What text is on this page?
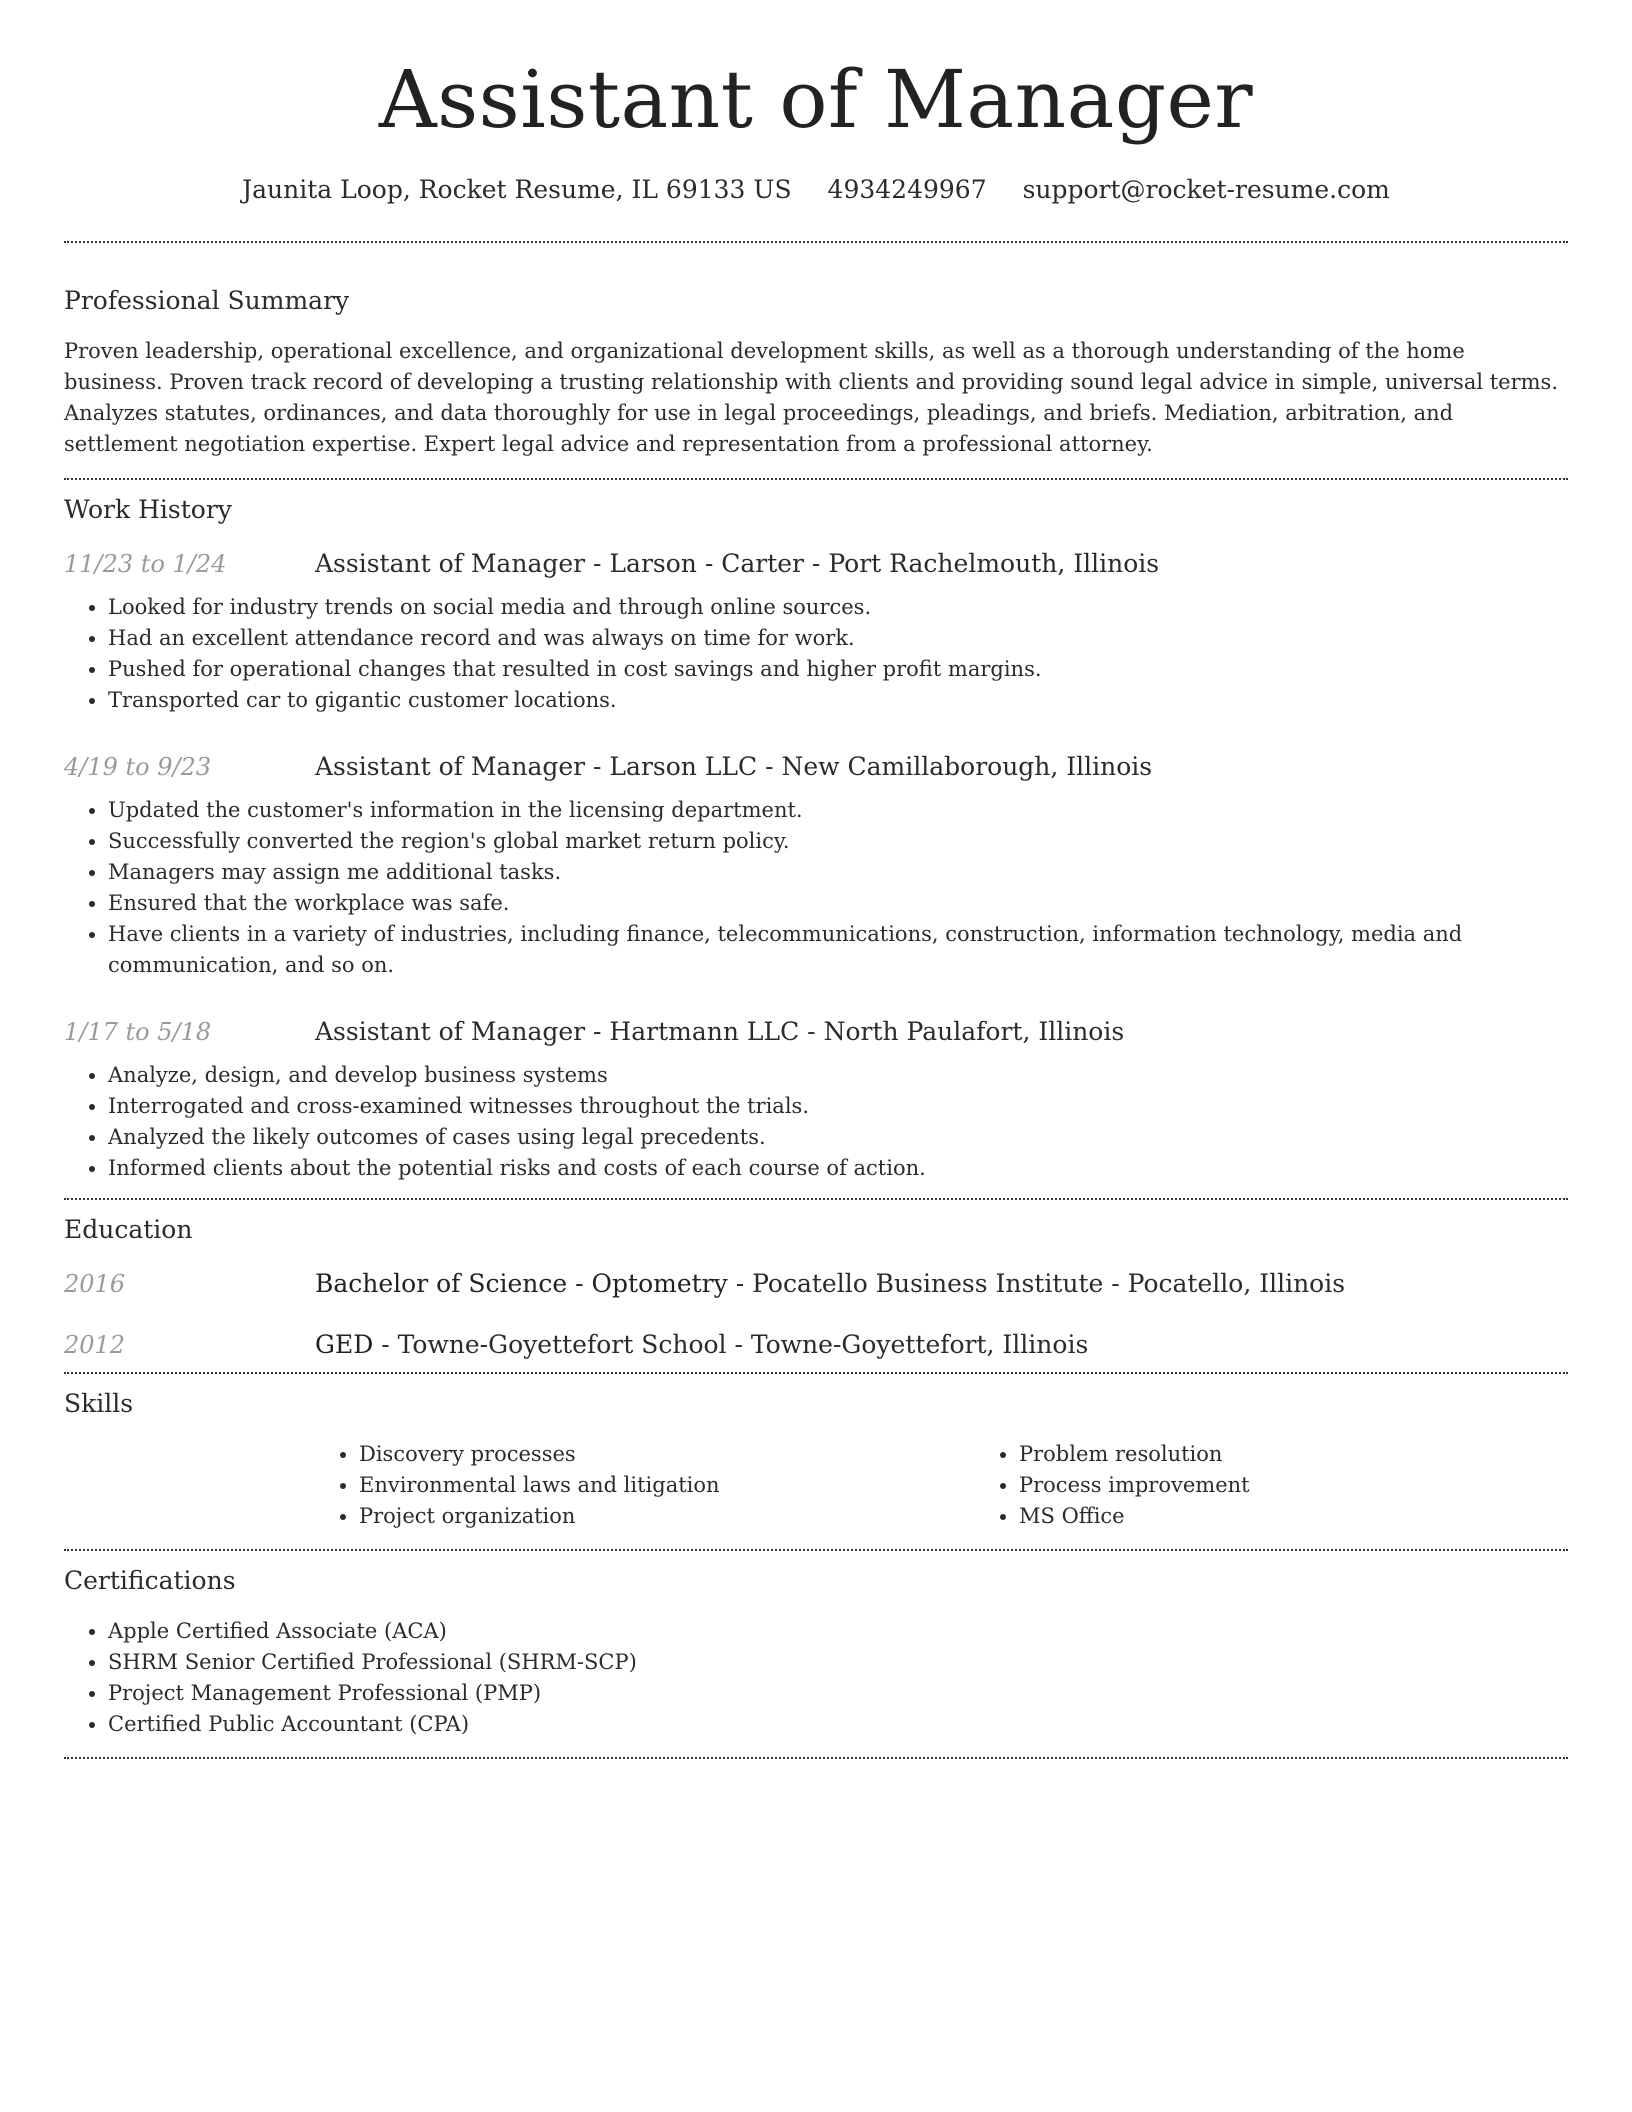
Assistant of Manager
Jaunita Loop, Rocket Resume, IL 69133 US 4934249967 support@rocket-resume.com
Professional Summary

Proven leadership, operational excellence, and organizational development skills, as well as a thorough understanding of the home business. Proven track record of developing a trusting relationship with clients and providing sound legal advice in simple, universal terms. Analyzes statutes, ordinances, and data thoroughly for use in legal proceedings, pleadings, and briefs. Mediation, arbitration, and settlement negotiation expertise. Expert legal advice and representation from a professional attorney.

Work History
11/23 to 1/24	Assistant of Manager - Larson - Carter - Port Rachelmouth, Illinois
• Looked for industry trends on social media and through online sources.
• Had an excellent attendance record and was always on time for work.
• Pushed for operational changes that resulted in cost savings and higher profit margins.
• Transported car to gigantic customer locations.
4/19 to 9/23	Assistant of Manager - Larson LLC - New Camillaborough, Illinois
• Updated the customer's information in the licensing department.
• Successfully converted the region's global market return policy.
• Managers may assign me additional tasks.
• Ensured that the workplace was safe.
• Have clients in a variety of industries, including finance, telecommunications, construction, information technology, media and communication, and so on.
1/17 to 5/18	Assistant of Manager - Hartmann LLC - North Paulafort, Illinois
• Analyze, design, and develop business systems
• Interrogated and cross-examined witnesses throughout the trials.
• Analyzed the likely outcomes of cases using legal precedents.
• Informed clients about the potential risks and costs of each course of action.
Education
2016	Bachelor of Science - Optometry - Pocatello Business Institute - Pocatello, Illinois
2012	GED - Towne-Goyettefort School - Towne-Goyettefort, Illinois
Skills
• Discovery processes
• Environmental laws and litigation
• Project organization
• Problem resolution
• Process improvement
• MS Office
Certifications
• Apple Certified Associate (ACA)
• SHRM Senior Certified Professional (SHRM-SCP)
• Project Management Professional (PMP)
• Certified Public Accountant (CPA)
